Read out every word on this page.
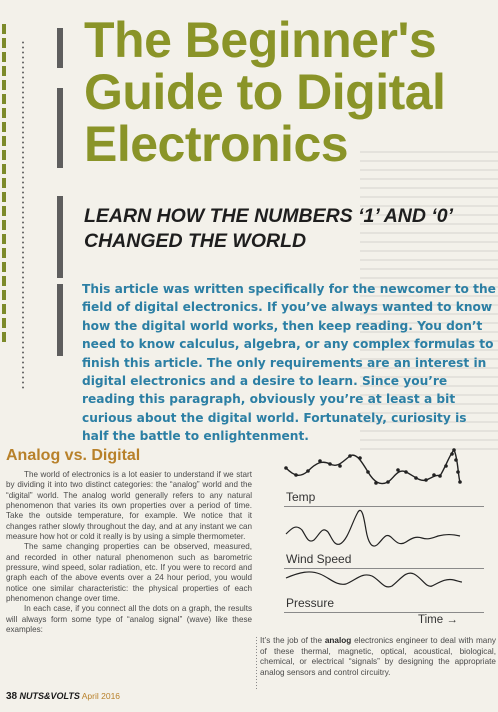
The Beginner's Guide to Digital Electronics
LEARN HOW THE NUMBERS ‘1’ AND ‘0’ CHANGED THE WORLD

This article was written specifically for the newcomer to the field of digital electronics. If you’ve always wanted to know how the digital world works, then keep reading. You don’t need to know calculus, algebra, or any complex formulas to finish this article. The only requirements are an interest in digital electronics and a desire to learn. Since you’re reading this paragraph, obviously you’re at least a bit curious about the digital world. Fortunately, curiosity is half the battle to enlightenment.

Analog vs. Digital

The world of electronics is a lot easier to understand if we start by dividing it into two distinct categories: the “analog” world and the “digital” world. The analog world generally refers to any natural phenomenon that varies its own properties over a period of time. Take the outside temperature, for example. We notice that it changes rather slowly throughout the day, and at any instant we can measure how hot or cold it really is by using a simple thermometer.

The same changing properties can be observed, measured, and recorded in other natural phenomenon such as barometric pressure, wind speed, solar radiation, etc. If you were to record and graph each of the above events over a 24 hour period, you would notice one similar characteristic: the physical properties of each phenomenon change over time.

In each case, if you connect all the dots on a graph, the results will always form some type of “analog signal” (wave) like these examples:

Temp
Wind Speed
Pressure
Time →

It’s the job of the analog electronics engineer to deal with many of these thermal, magnetic, optical, acoustical, biological, chemical, or electrical “signals” by designing the appropriate analog sensors and control circuitry.

38 NUTS&VOLTS April 2016
